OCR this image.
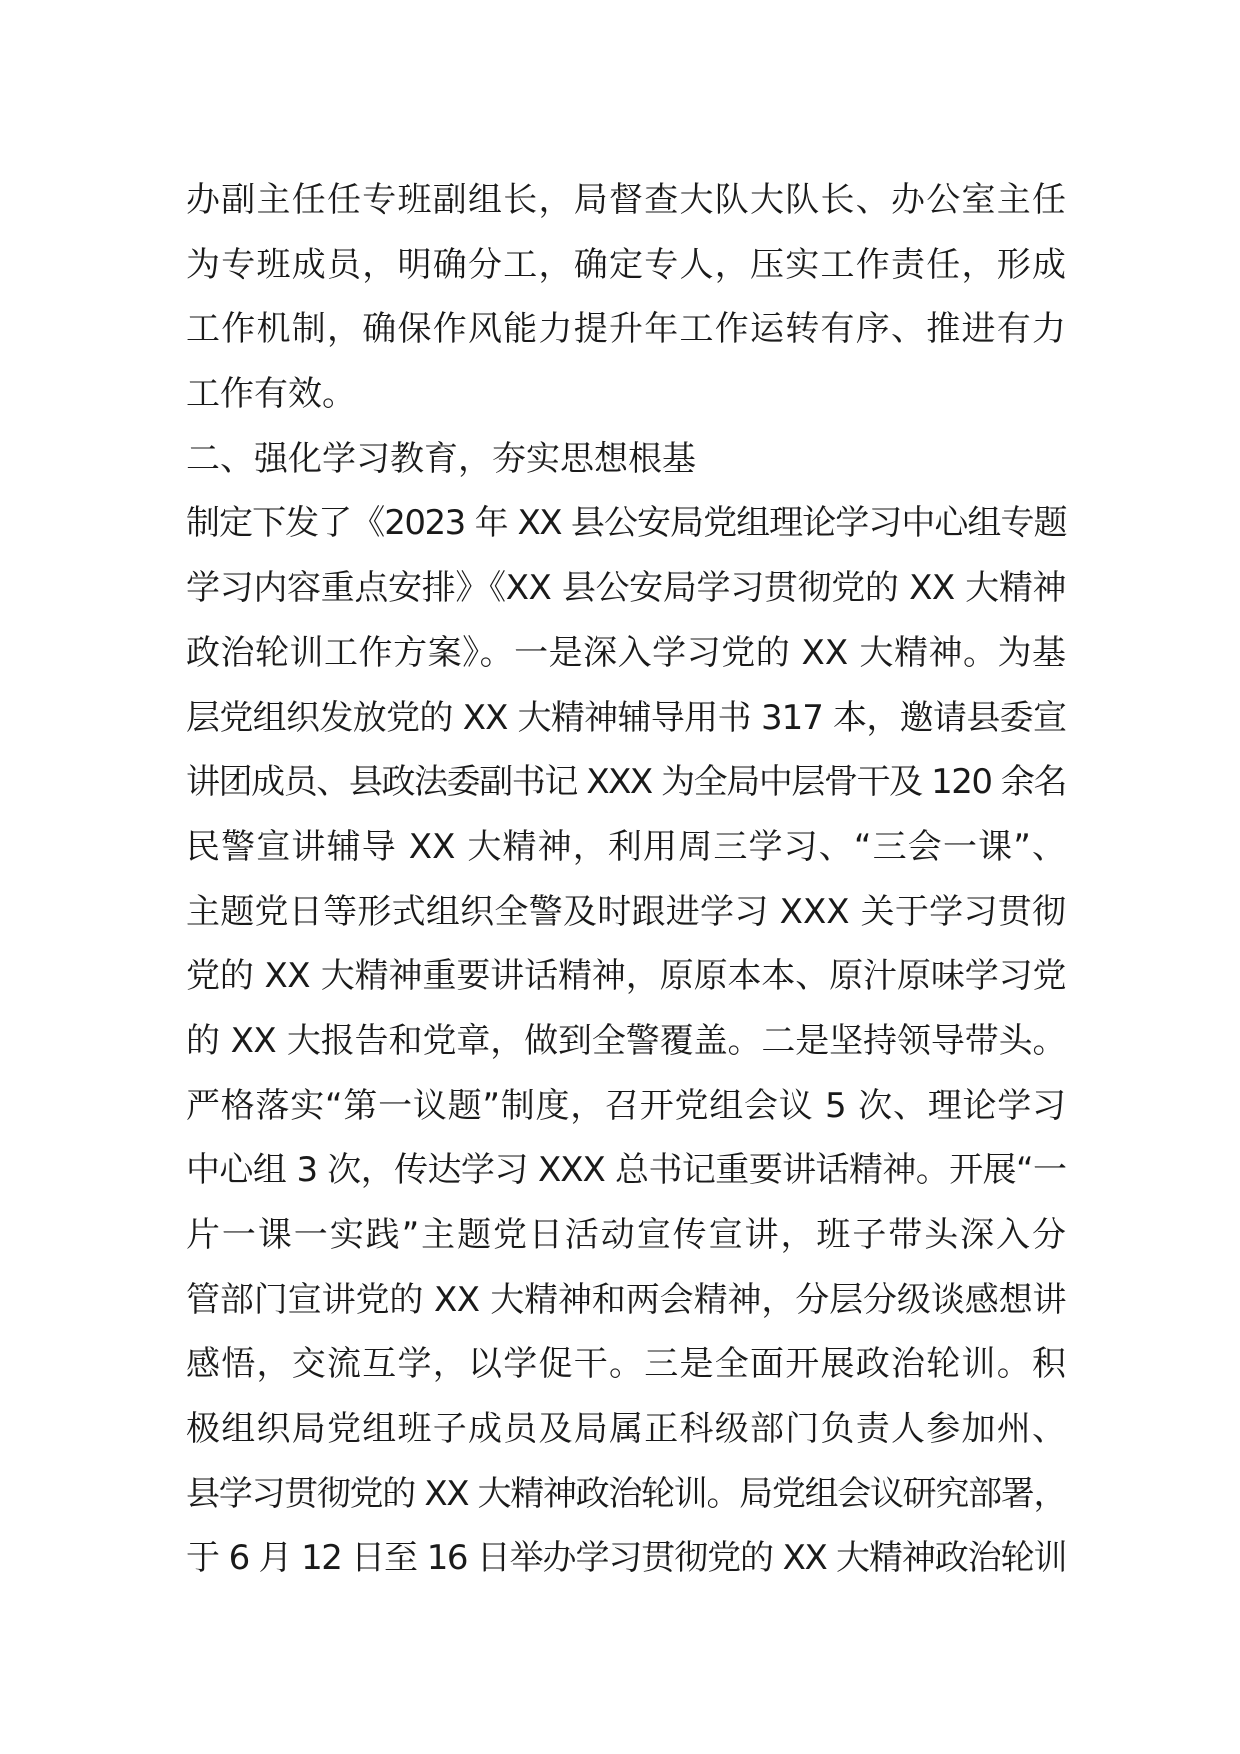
办副主任任专班副组长，局督查大队大队长、办公室主任
为专班成员，明确分工，确定专人，压实工作责任，形成
工作机制，确保作风能力提升年工作运转有序、推进有力
工作有效。
二、强化学习教育，夯实思想根基
制定下发了《2023 年 XX 县公安局党组理论学习中心组专题
学习内容重点安排》《XX 县公安局学习贯彻党的 XX 大精神
政治轮训工作方案》。一是深入学习党的 XX 大精神。为基
层党组织发放党的 XX 大精神辅导用书 317 本，邀请县委宣
讲团成员、县政法委副书记 XXX 为全局中层骨干及 120 余名
民警宣讲辅导 XX 大精神，利用周三学习、“三会一课”、
主题党日等形式组织全警及时跟进学习 XXX 关于学习贯彻
党的 XX 大精神重要讲话精神，原原本本、原汁原味学习党
的 XX 大报告和党章，做到全警覆盖。二是坚持领导带头。
严格落实“第一议题”制度，召开党组会议 5 次、理论学习
中心组 3 次，传达学习 XXX 总书记重要讲话精神。开展“一
片一课一实践”主题党日活动宣传宣讲，班子带头深入分
管部门宣讲党的 XX 大精神和两会精神，分层分级谈感想讲
感悟，交流互学，以学促干。三是全面开展政治轮训。积
极组织局党组班子成员及局属正科级部门负责人参加州、
县学习贯彻党的 XX 大精神政治轮训。局党组会议研究部署，
于 6 月 12 日至 16 日举办学习贯彻党的 XX 大精神政治轮训
